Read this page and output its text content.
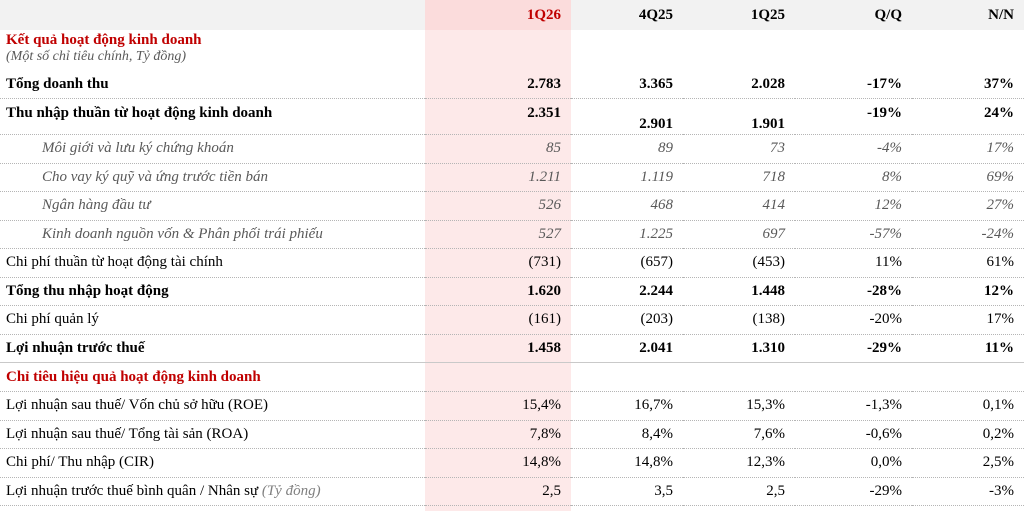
	1Q26	4Q25	1Q25	Q/Q	N/N

Kết quả hoạt động kinh doanh
(Một số chỉ tiêu chính, Tỷ đồng)					

Tổng doanh thu	2.783	3.365	2.028	-17%	37%
Thu nhập thuần từ hoạt động kinh doanh	2.351	2.901	1.901	-19%	24%
Môi giới và lưu ký chứng khoán	85	89	73	-4%	17%
Cho vay ký quỹ và ứng trước tiền bán	1.211	1.119	718	8%	69%
Ngân hàng đầu tư	526	468	414	12%	27%
Kinh doanh nguồn vốn & Phân phối trái phiếu	527	1.225	697	-57%	-24%
Chi phí thuần từ hoạt động tài chính	(731)	(657)	(453)	11%	61%
Tổng thu nhập hoạt động	1.620	2.244	1.448	-28%	12%
Chi phí quản lý	(161)	(203)	(138)	-20%	17%
Lợi nhuận trước thuế	1.458	2.041	1.310	-29%	11%
Chỉ tiêu hiệu quả hoạt động kinh doanh					
Lợi nhuận sau thuế/ Vốn chủ sở hữu (ROE)	15,4%	16,7%	15,3%	-1,3%	0,1%
Lợi nhuận sau thuế/ Tổng tài sản (ROA)	7,8%	8,4%	7,6%	-0,6%	0,2%
Chi phí/ Thu nhập (CIR)	14,8%	14,8%	12,3%	0,0%	2,5%
Lợi nhuận trước thuế bình quân / Nhân sự (Tỷ đồng)	2,5	3,5	2,5	-29%	-3%
